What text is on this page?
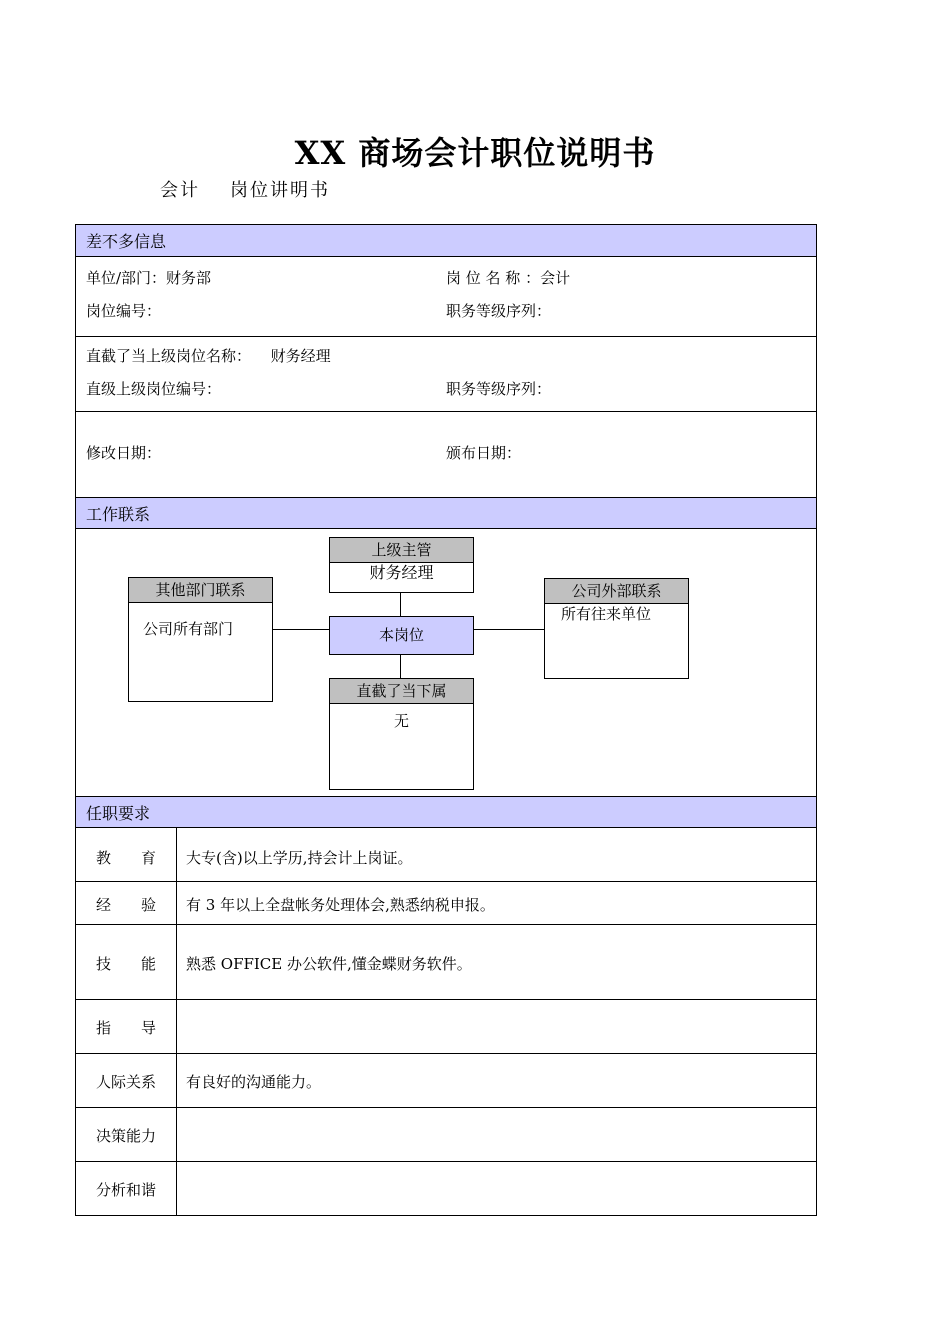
XX 商场会计职位说明书
会计 岗位讲明书
差不多信息
单位/部门：财务部	岗 位 名 称 ：会计
岗位编号：	职务等级序列：
直截了当上级岗位名称： 财务经理
直级上级岗位编号：	职务等级序列：
修改日期：	颁布日期：
工作联系
上级主管
财务经理
其他部门联系
公司所有部门	本岗位
公司外部联系
所有往来单位
直截了当下属
无
任职要求
教　　育	大专(含)以上学历,持会计上岗证。
经　　验	有 3 年以上全盘帐务处理体会,熟悉纳税申报。
技　　能	熟悉 OFFICE 办公软件,懂金蝶财务软件。
指　　导
人际关系	有良好的沟通能力。
决策能力
分析和谐
